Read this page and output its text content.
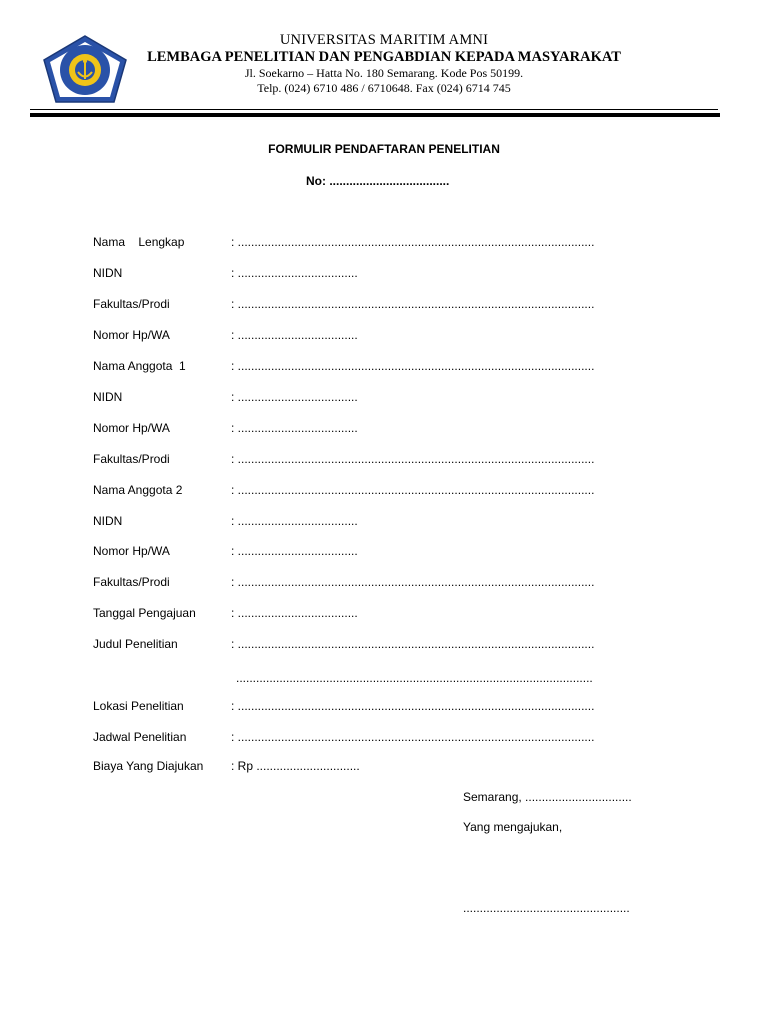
UNIVERSITAS MARITIM AMNI
LEMBAGA PENELITIAN DAN PENGABDIAN KEPADA MASYARAKAT
Jl. Soekarno – Hatta No. 180 Semarang. Kode Pos 50199.
Telp. (024) 6710 486 / 6710648. Fax (024) 6714 745
FORMULIR PENDAFTARAN PENELITIAN
No: ....................................
Nama    Lengkap	: ...........................................................................................................
NIDN	: ....................................
Fakultas/Prodi	: ...........................................................................................................
Nomor Hp/WA	: ....................................
Nama Anggota  1	: ...........................................................................................................
NIDN	: ....................................
Nomor Hp/WA	: ....................................
Fakultas/Prodi	: ...........................................................................................................
Nama Anggota 2	: ...........................................................................................................
NIDN	: ....................................
Nomor Hp/WA	: ....................................
Fakultas/Prodi	: ...........................................................................................................
Tanggal Pengajuan	: ....................................
Judul Penelitian	: ...........................................................................................................
...........................................................................................................
Lokasi Penelitian	: ...........................................................................................................
Jadwal Penelitian	: ...........................................................................................................
Biaya Yang Diajukan : Rp ...............................
Semarang, ................................
Yang mengajukan,
..................................................
